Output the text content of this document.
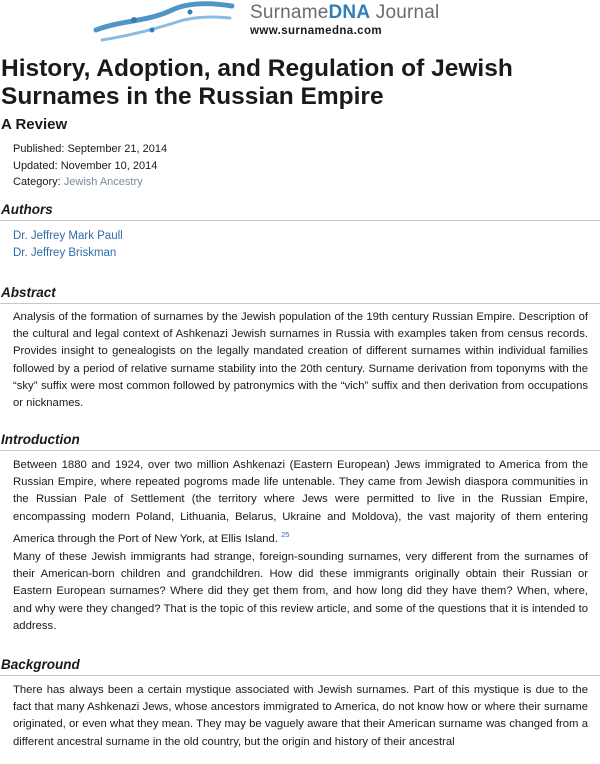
SurnameDNA Journal
www.surnamedna.com
History, Adoption, and Regulation of Jewish Surnames in the Russian Empire
A Review
Published: September 21, 2014
Updated: November 10, 2014
Category: Jewish Ancestry
Authors
Dr. Jeffrey Mark Paull
Dr. Jeffrey Briskman
Abstract

Analysis of the formation of surnames by the Jewish population of the 19th century Russian Empire. Description of the cultural and legal context of Ashkenazi Jewish surnames in Russia with examples taken from census records. Provides insight to genealogists on the legally mandated creation of different surnames within individual families followed by a period of relative surname stability into the 20th century. Surname derivation from toponyms with the “sky” suffix were most common followed by patronymics with the “vich” suffix and then derivation from occupations or nicknames.

Introduction

Between 1880 and 1924, over two million Ashkenazi (Eastern European) Jews immigrated to America from the Russian Empire, where repeated pogroms made life untenable. They came from Jewish diaspora communities in the Russian Pale of Settlement (the territory where Jews were permitted to live in the Russian Empire, encompassing modern Poland, Lithuania, Belarus, Ukraine and Moldova), the vast majority of them entering America through the Port of New York, at Ellis Island. $^{25}$

Many of these Jewish immigrants had strange, foreign-sounding surnames, very different from the surnames of their American-born children and grandchildren. How did these immigrants originally obtain their Russian or Eastern European surnames? Where did they get them from, and how long did they have them? When, where, and why were they changed? That is the topic of this review article, and some of the questions that it is intended to address.

Background

There has always been a certain mystique associated with Jewish surnames. Part of this mystique is due to the fact that many Ashkenazi Jews, whose ancestors immigrated to America, do not know how or where their surname originated, or even what they mean. They may be vaguely aware that their American surname was changed from a different ancestral surname in the old country, but the origin and history of their ancestral
